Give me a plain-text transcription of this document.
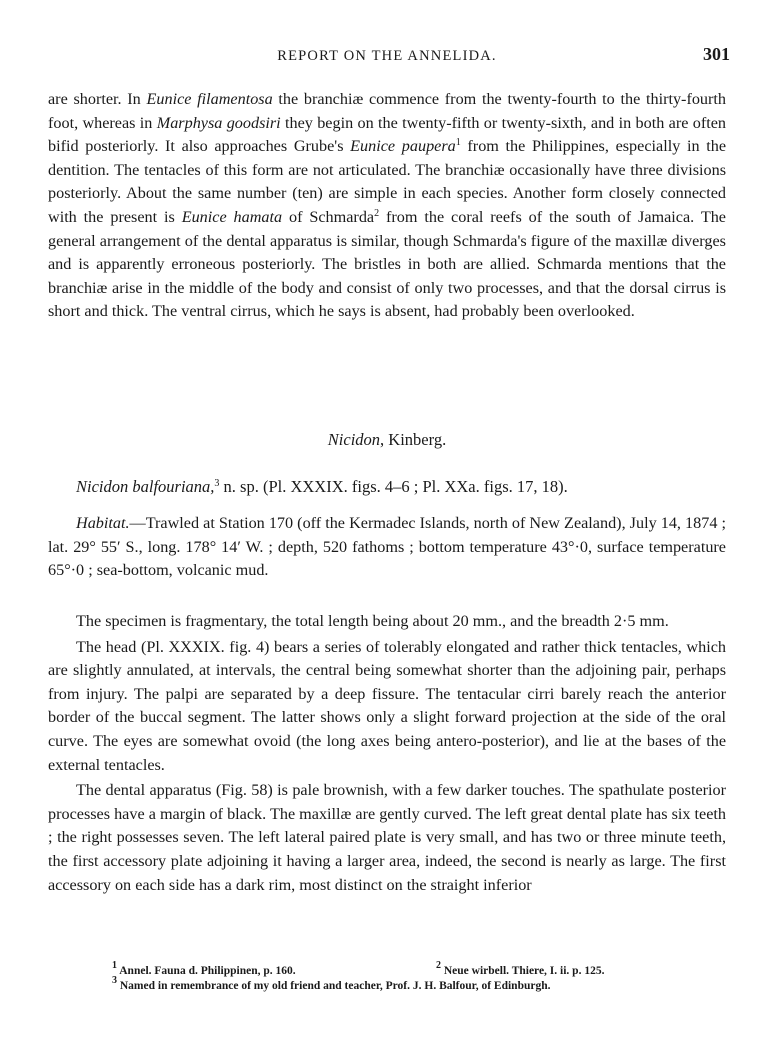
REPORT ON THE ANNELIDA.	301

are shorter. In Eunice filamentosa the branchiæ commence from the twenty-fourth to the thirty-fourth foot, whereas in Marphysa goodsiri they begin on the twenty-fifth or twenty-sixth, and in both are often bifid posteriorly. It also approaches Grube's Eunice paupera$^1$ from the Philippines, especially in the dentition. The tentacles of this form are not articulated. The branchiæ occasionally have three divisions posteriorly. About the same number (ten) are simple in each species. Another form closely connected with the present is Eunice hamata of Schmarda$^2$ from the coral reefs of the south of Jamaica. The general arrangement of the dental apparatus is similar, though Schmarda's figure of the maxillæ diverges and is apparently erroneous posteriorly. The bristles in both are allied. Schmarda mentions that the branchiæ arise in the middle of the body and consist of only two processes, and that the dorsal cirrus is short and thick. The ventral cirrus, which he says is absent, had probably been overlooked.

Nicidon, Kinberg.
Nicidon balfouriana,$^3$ n. sp. (Pl. XXXIX. figs. 4–6 ; Pl. XXa. figs. 17, 18).

Habitat.—Trawled at Station 170 (off the Kermadec Islands, north of New Zealand), July 14, 1874 ; lat. 29° 55′ S., long. 178° 14′ W. ; depth, 520 fathoms ; bottom temperature 43°·0, surface temperature 65°·0 ; sea-bottom, volcanic mud.

The specimen is fragmentary, the total length being about 20 mm., and the breadth 2·5 mm.

The head (Pl. XXXIX. fig. 4) bears a series of tolerably elongated and rather thick tentacles, which are slightly annulated, at intervals, the central being somewhat shorter than the adjoining pair, perhaps from injury. The palpi are separated by a deep fissure. The tentacular cirri barely reach the anterior border of the buccal segment. The latter shows only a slight forward projection at the side of the oral curve. The eyes are somewhat ovoid (the long axes being antero-posterior), and lie at the bases of the external tentacles.

The dental apparatus (Fig. 58) is pale brownish, with a few darker touches. The spathulate posterior processes have a margin of black. The maxillæ are gently curved. The left great dental plate has six teeth ; the right possesses seven. The left lateral paired plate is very small, and has two or three minute teeth, the first accessory plate adjoining it having a larger area, indeed, the second is nearly as large. The first accessory on each side has a dark rim, most distinct on the straight inferior

$^1$ Annel. Fauna d. Philippinen, p. 160.	$^2$ Neue wirbell. Thiere, I. ii. p. 125.
$^3$ Named in remembrance of my old friend and teacher, Prof. J. H. Balfour, of Edinburgh.
